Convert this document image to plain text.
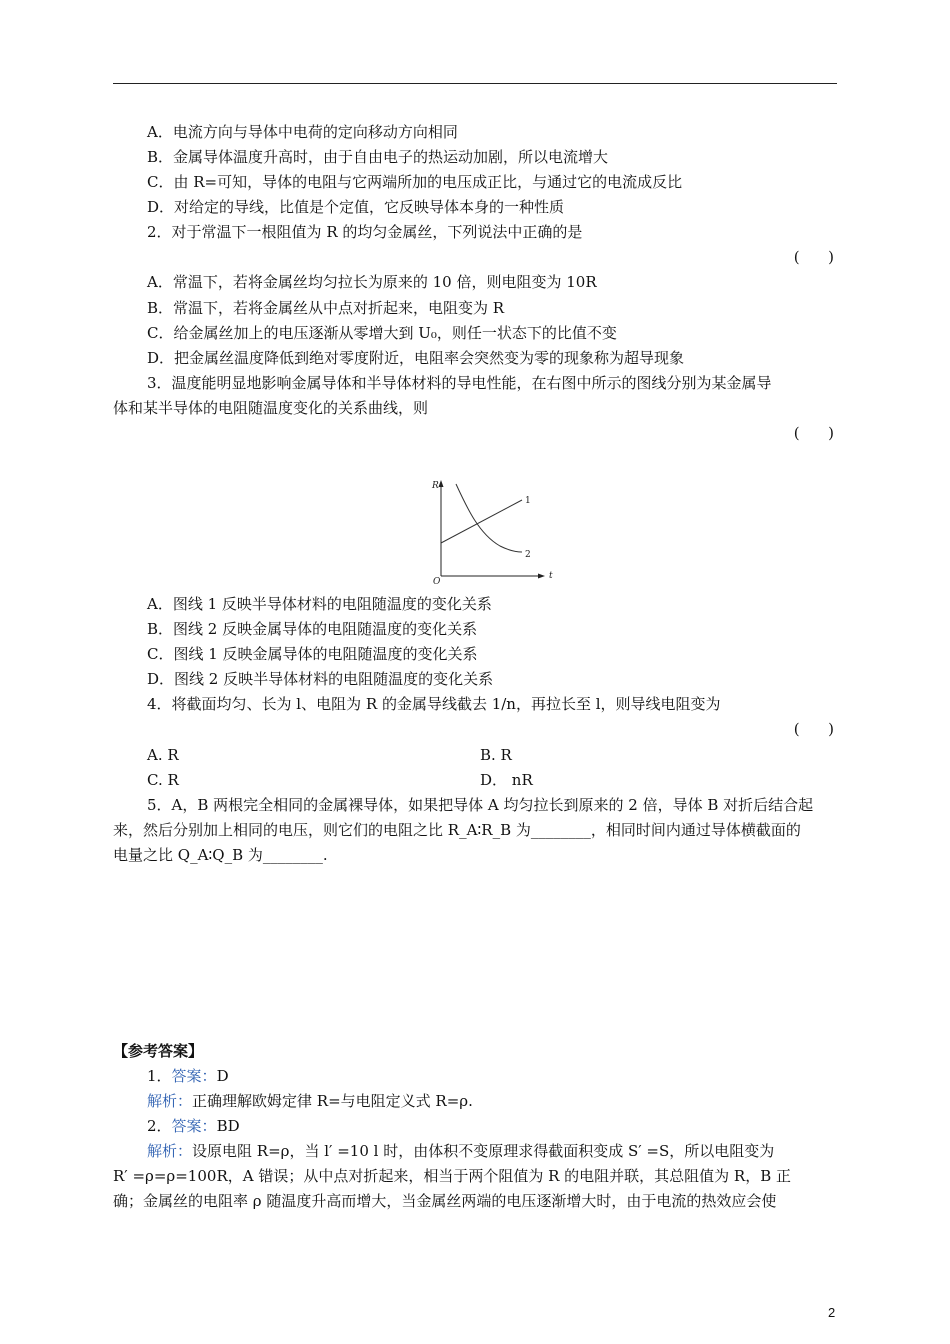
A．电流方向与导体中电荷的定向移动方向相同
B．金属导体温度升高时，由于自由电子的热运动加剧，所以电流增大
C．由 R=可知，导体的电阻与它两端所加的电压成正比，与通过它的电流成反比
D．对给定的导线，比值是个定值，它反映导体本身的一种性质
2．对于常温下一根阻值为 R 的均匀金属丝，下列说法中正确的是
(      )
A．常温下，若将金属丝均匀拉长为原来的 10 倍，则电阻变为 10R
B．常温下，若将金属丝从中点对折起来，电阻变为 R
C．给金属丝加上的电压逐渐从零增大到 U₀，则任一状态下的比值不变
D．把金属丝温度降低到绝对零度附近，电阻率会突然变为零的现象称为超导现象
3．温度能明显地影响金属导体和半导体材料的导电性能，在右图中所示的图线分别为某金属导
体和某半导体的电阻随温度变化的关系曲线，则
(      )
R
t
O
1
2
A．图线 1 反映半导体材料的电阻随温度的变化关系
B．图线 2 反映金属导体的电阻随温度的变化关系
C．图线 1 反映金属导体的电阻随温度的变化关系
D．图线 2 反映半导体材料的电阻随温度的变化关系
4．将截面均匀、长为 l、电阻为 R 的金属导线截去 1/n，再拉长至 l，则导线电阻变为
(      )
A. R	B. R
C. R	D． nR
5．A，B 两根完全相同的金属裸导体，如果把导体 A 均匀拉长到原来的 2 倍，导体 B 对折后结合起
来，然后分别加上相同的电压，则它们的电阻之比 R_A∶R_B 为________，相同时间内通过导体横截面的
电量之比 Q_A∶Q_B 为________.
【参考答案】
1．答案：D
解析：正确理解欧姆定律 R=与电阻定义式 R=ρ.
2．答案：BD
解析：设原电阻 R=ρ，当 l′ =10 l 时，由体积不变原理求得截面积变成 S′ =S，所以电阻变为
R′ =ρ=ρ=100R，A 错误；从中点对折起来，相当于两个阻值为 R 的电阻并联，其总阻值为 R，B 正
确；金属丝的电阻率 ρ 随温度升高而增大，当金属丝两端的电压逐渐增大时，由于电流的热效应会使
2
